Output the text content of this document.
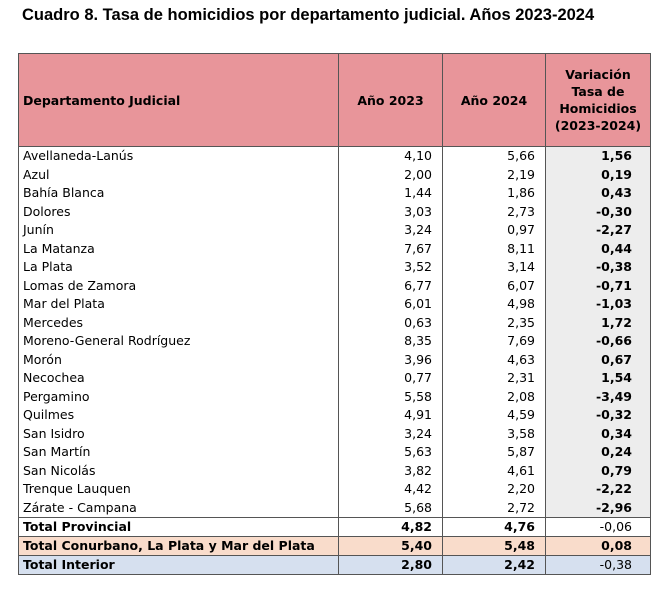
Cuadro 8. Tasa de homicidios por departamento judicial. Años 2023-2024
Departamento Judicial	Año 2023	Año 2024	Variación
Tasa de
Homicidios
(2023-2024)

Avellaneda-Lanús	4,10	5,66	1,56
Azul	2,00	2,19	0,19
Bahía Blanca	1,44	1,86	0,43
Dolores	3,03	2,73	-0,30
Junín	3,24	0,97	-2,27
La Matanza	7,67	8,11	0,44
La Plata	3,52	3,14	-0,38
Lomas de Zamora	6,77	6,07	-0,71
Mar del Plata	6,01	4,98	-1,03
Mercedes	0,63	2,35	1,72
Moreno-General Rodríguez	8,35	7,69	-0,66
Morón	3,96	4,63	0,67
Necochea	0,77	2,31	1,54
Pergamino	5,58	2,08	-3,49
Quilmes	4,91	4,59	-0,32
San Isidro	3,24	3,58	0,34
San Martín	5,63	5,87	0,24
San Nicolás	3,82	4,61	0,79
Trenque Lauquen	4,42	2,20	-2,22
Zárate - Campana	5,68	2,72	-2,96
Total Provincial	4,82	4,76	-0,06
Total Conurbano, La Plata y Mar del Plata	5,40	5,48	0,08
Total Interior	2,80	2,42	-0,38
